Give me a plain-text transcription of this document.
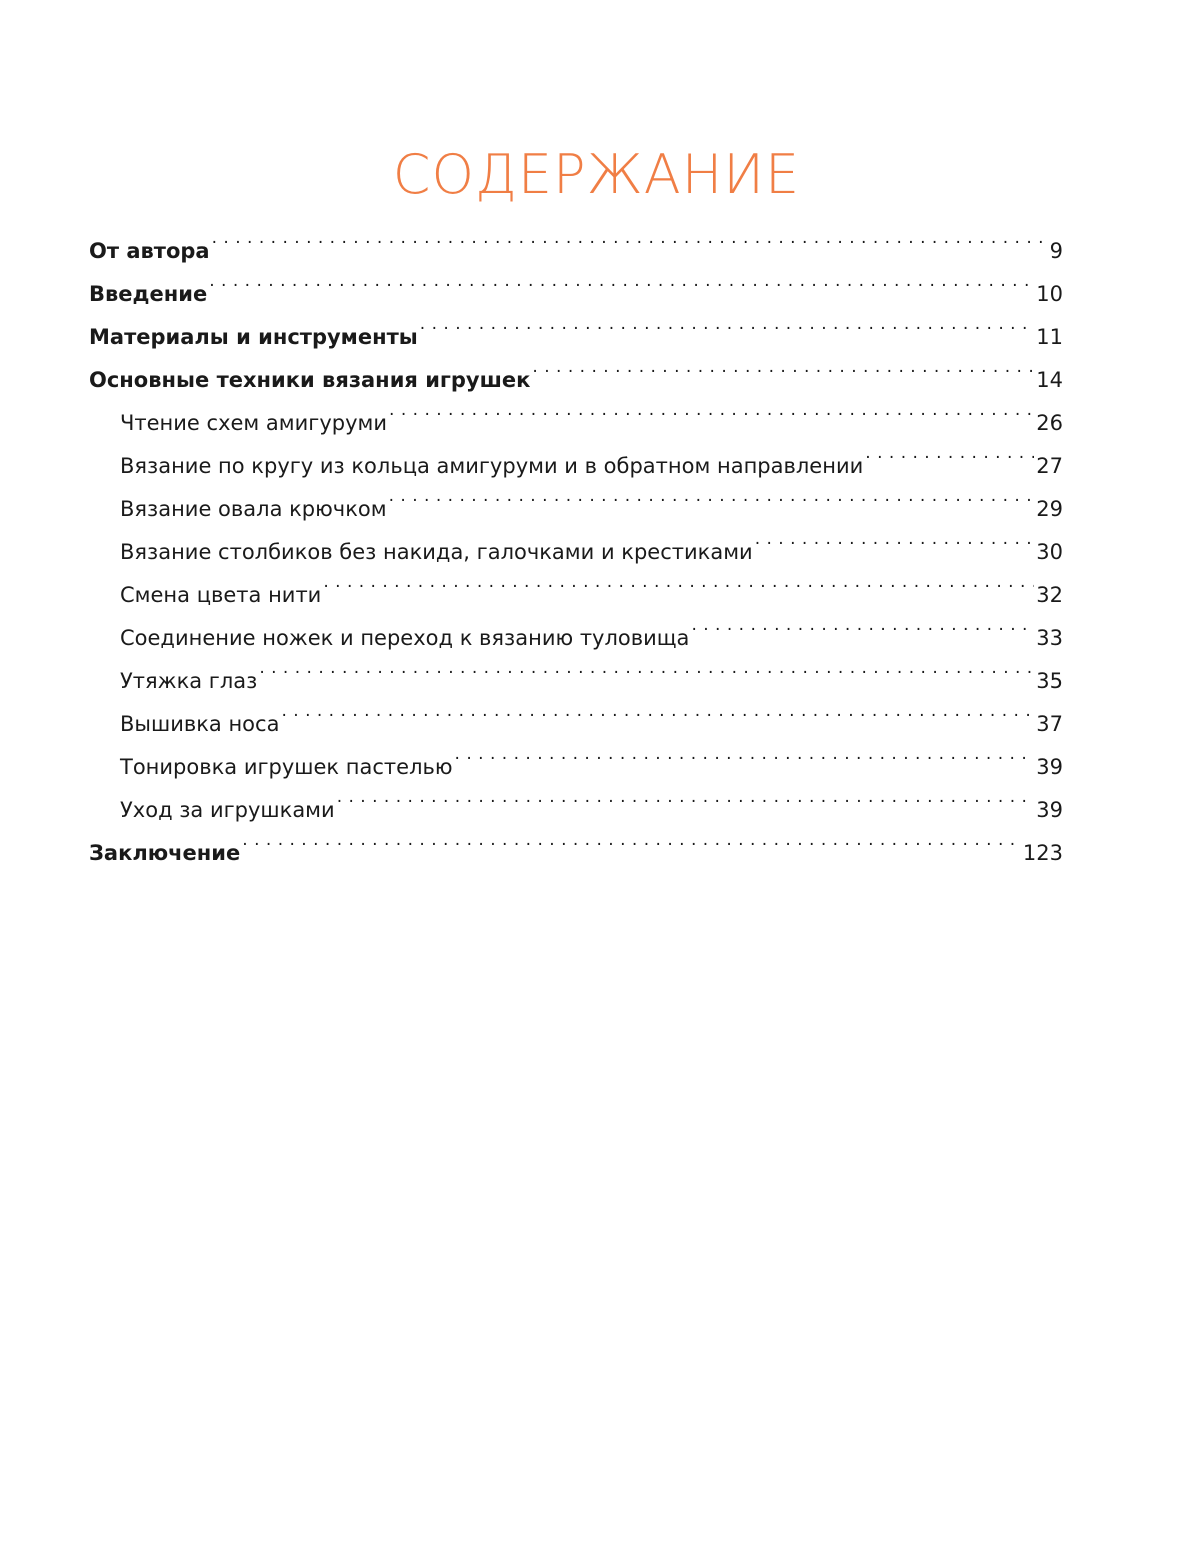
СОДЕРЖАНИЕ
От автора . . .	9
Введение . . .	10
Материалы и инструменты . . .	11
Основные техники вязания игрушек . . .	14
Чтение схем амигуруми . . .	26
Вязание по кругу из кольца амигуруми и в обратном направлении . . .	27
Вязание овала крючком . . .	29
Вязание столбиков без накида, галочками и крестиками . . .	30
Смена цвета нити . . .	32
Соединение ножек и переход к вязанию туловища . . .	33
Утяжка глаз . . .	35
Вышивка носа . . .	37
Тонировка игрушек пастелью . . .	39
Уход за игрушками . . .	39
Заключение . . .	123
